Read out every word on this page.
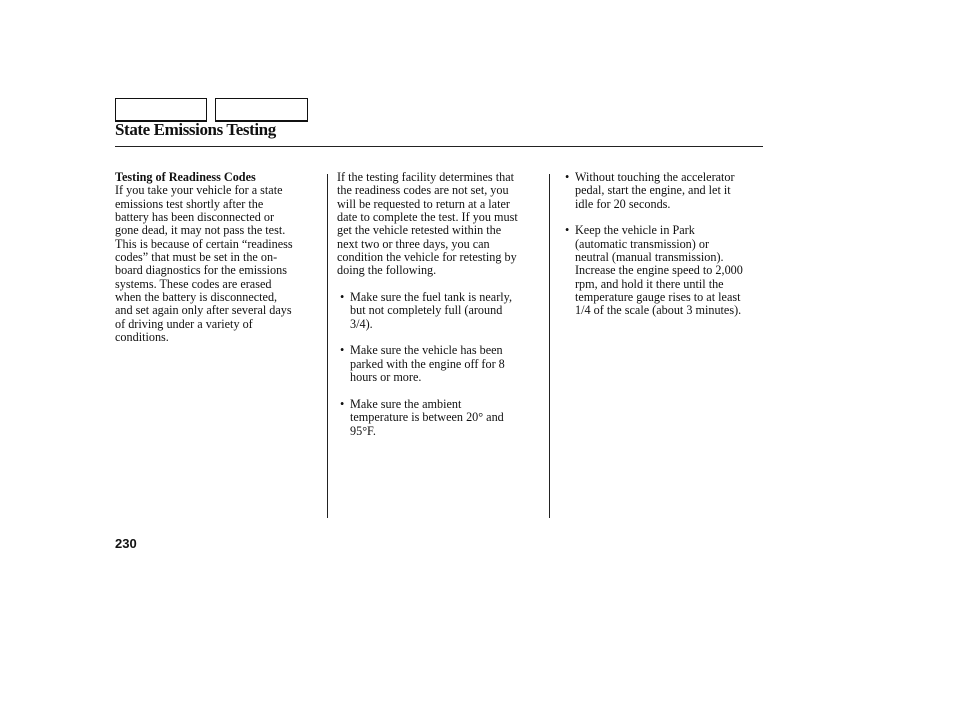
State Emissions Testing
Testing of Readiness Codes
If you take your vehicle for a state
emissions test shortly after the
battery has been disconnected or
gone dead, it may not pass the test.
This is because of certain “readiness
codes” that must be set in the on-
board diagnostics for the emissions
systems. These codes are erased
when the battery is disconnected,
and set again only after several days
of driving under a variety of
conditions.
If the testing facility determines that
the readiness codes are not set, you
will be requested to return at a later
date to complete the test. If you must
get the vehicle retested within the
next two or three days, you can
condition the vehicle for retesting by
doing the following.
• Make sure the fuel tank is nearly,
but not completely full (around
3/4).
• Make sure the vehicle has been
parked with the engine off for 8
hours or more.
• Make sure the ambient
temperature is between 20° and
95°F.
• Without touching the accelerator
pedal, start the engine, and let it
idle for 20 seconds.
• Keep the vehicle in Park
(automatic transmission) or
neutral (manual transmission).
Increase the engine speed to 2,000
rpm, and hold it there until the
temperature gauge rises to at least
1/4 of the scale (about 3 minutes).
230
